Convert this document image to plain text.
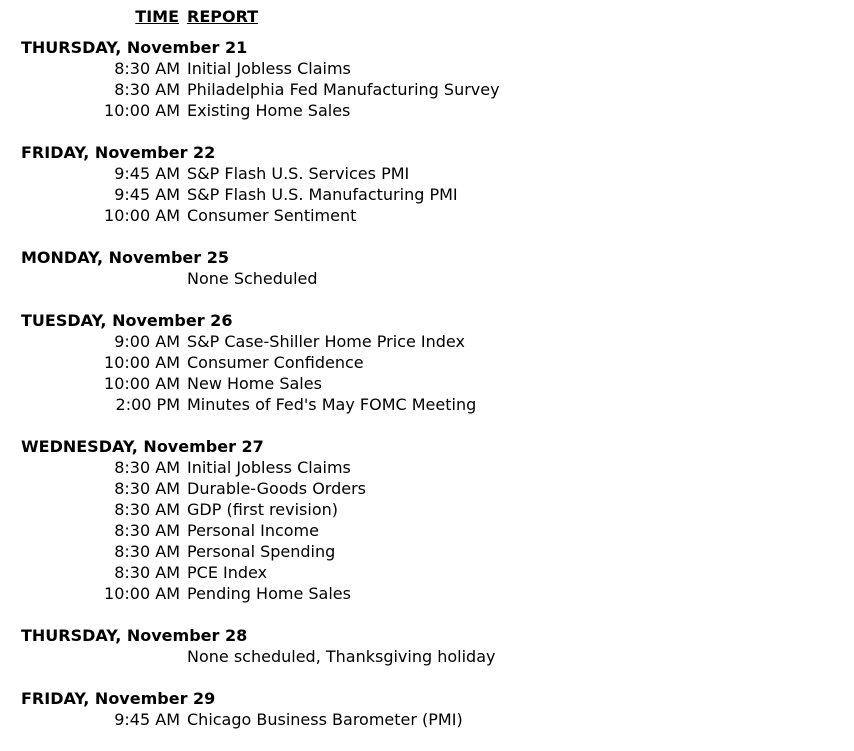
TIME REPORT
THURSDAY, November 21
8:30 AM Initial Jobless Claims
8:30 AM Philadelphia Fed Manufacturing Survey
10:00 AM Existing Home Sales
FRIDAY, November 22
9:45 AM S&P Flash U.S. Services PMI
9:45 AM S&P Flash U.S. Manufacturing PMI
10:00 AM Consumer Sentiment
MONDAY, November 25
None Scheduled
TUESDAY, November 26
9:00 AM S&P Case-Shiller Home Price Index
10:00 AM Consumer Confidence
10:00 AM New Home Sales
2:00 PM Minutes of Fed's May FOMC Meeting
WEDNESDAY, November 27
8:30 AM Initial Jobless Claims
8:30 AM Durable-Goods Orders
8:30 AM GDP (first revision)
8:30 AM Personal Income
8:30 AM Personal Spending
8:30 AM PCE Index
10:00 AM Pending Home Sales
THURSDAY, November 28
None scheduled, Thanksgiving holiday
FRIDAY, November 29
9:45 AM Chicago Business Barometer (PMI)
